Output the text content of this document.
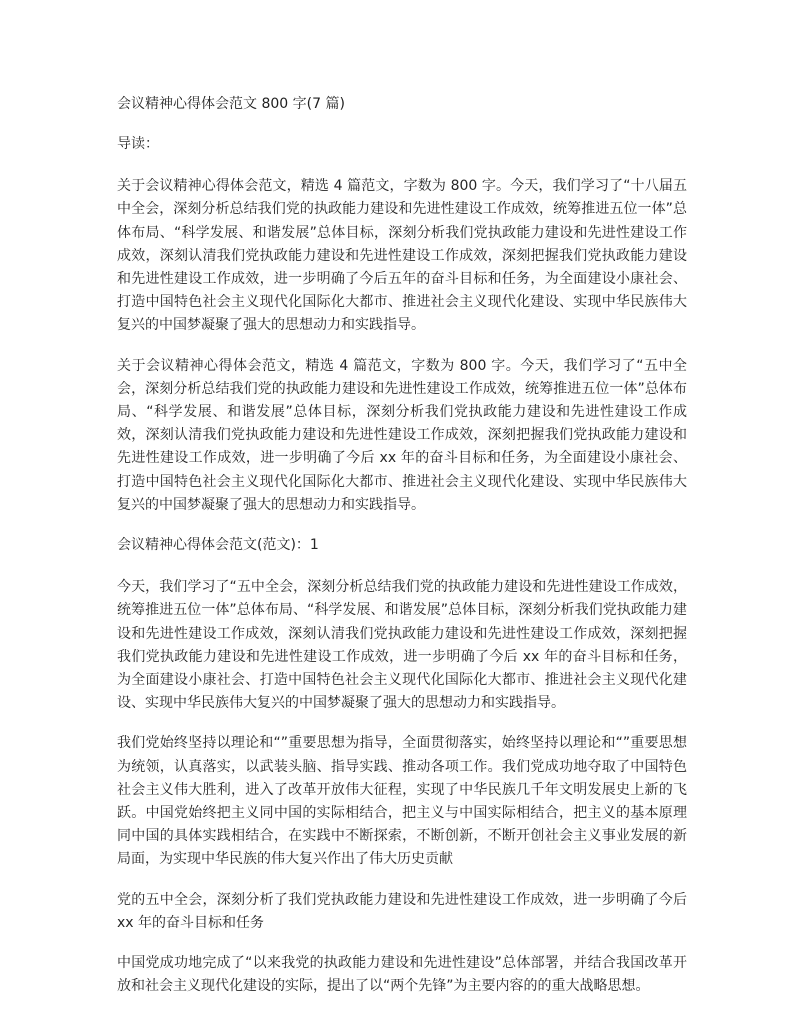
会议精神心得体会范文 800 字(7 篇)

导读：

关于会议精神心得体会范文，精选 4 篇范文，字数为 800 字。今天，我们学习了“十八届五中全会，深刻分析总结我们党的执政能力建设和先进性建设工作成效，统筹推进五位一体”总体布局、“科学发展、和谐发展”总体目标，深刻分析我们党执政能力建设和先进性建设工作成效，深刻认清我们党执政能力建设和先进性建设工作成效，深刻把握我们党执政能力建设和先进性建设工作成效，进一步明确了今后五年的奋斗目标和任务，为全面建设小康社会、打造中国特色社会主义现代化国际化大都市、推进社会主义现代化建设、实现中华民族伟大复兴的中国梦凝聚了强大的思想动力和实践指导。

关于会议精神心得体会范文，精选 4 篇范文，字数为 800 字。今天，我们学习了“五中全会，深刻分析总结我们党的执政能力建设和先进性建设工作成效，统筹推进五位一体”总体布局、“科学发展、和谐发展”总体目标，深刻分析我们党执政能力建设和先进性建设工作成效，深刻认清我们党执政能力建设和先进性建设工作成效，深刻把握我们党执政能力建设和先进性建设工作成效，进一步明确了今后 xx 年的奋斗目标和任务，为全面建设小康社会、打造中国特色社会主义现代化国际化大都市、推进社会主义现代化建设、实现中华民族伟大复兴的中国梦凝聚了强大的思想动力和实践指导。

会议精神心得体会范文(范文)：1

今天，我们学习了“五中全会，深刻分析总结我们党的执政能力建设和先进性建设工作成效，统筹推进五位一体”总体布局、“科学发展、和谐发展”总体目标，深刻分析我们党执政能力建设和先进性建设工作成效，深刻认清我们党执政能力建设和先进性建设工作成效，深刻把握我们党执政能力建设和先进性建设工作成效，进一步明确了今后 xx 年的奋斗目标和任务，为全面建设小康社会、打造中国特色社会主义现代化国际化大都市、推进社会主义现代化建设、实现中华民族伟大复兴的中国梦凝聚了强大的思想动力和实践指导。

我们党始终坚持以理论和“”重要思想为指导，全面贯彻落实，始终坚持以理论和“”重要思想为统领，认真落实，以武装头脑、指导实践、推动各项工作。我们党成功地夺取了中国特色社会主义伟大胜利，进入了改革开放伟大征程，实现了中华民族几千年文明发展史上新的飞跃。中国党始终把主义同中国的实际相结合，把主义与中国实际相结合，把主义的基本原理同中国的具体实践相结合，在实践中不断探索，不断创新，不断开创社会主义事业发展的新局面，为实现中华民族的伟大复兴作出了伟大历史贡献

党的五中全会，深刻分析了我们党执政能力建设和先进性建设工作成效，进一步明确了今后 xx 年的奋斗目标和任务

中国党成功地完成了“以来我党的执政能力建设和先进性建设”总体部署，并结合我国改革开放和社会主义现代化建设的实际，提出了以“两个先锋”为主要内容的的重大战略思想。
